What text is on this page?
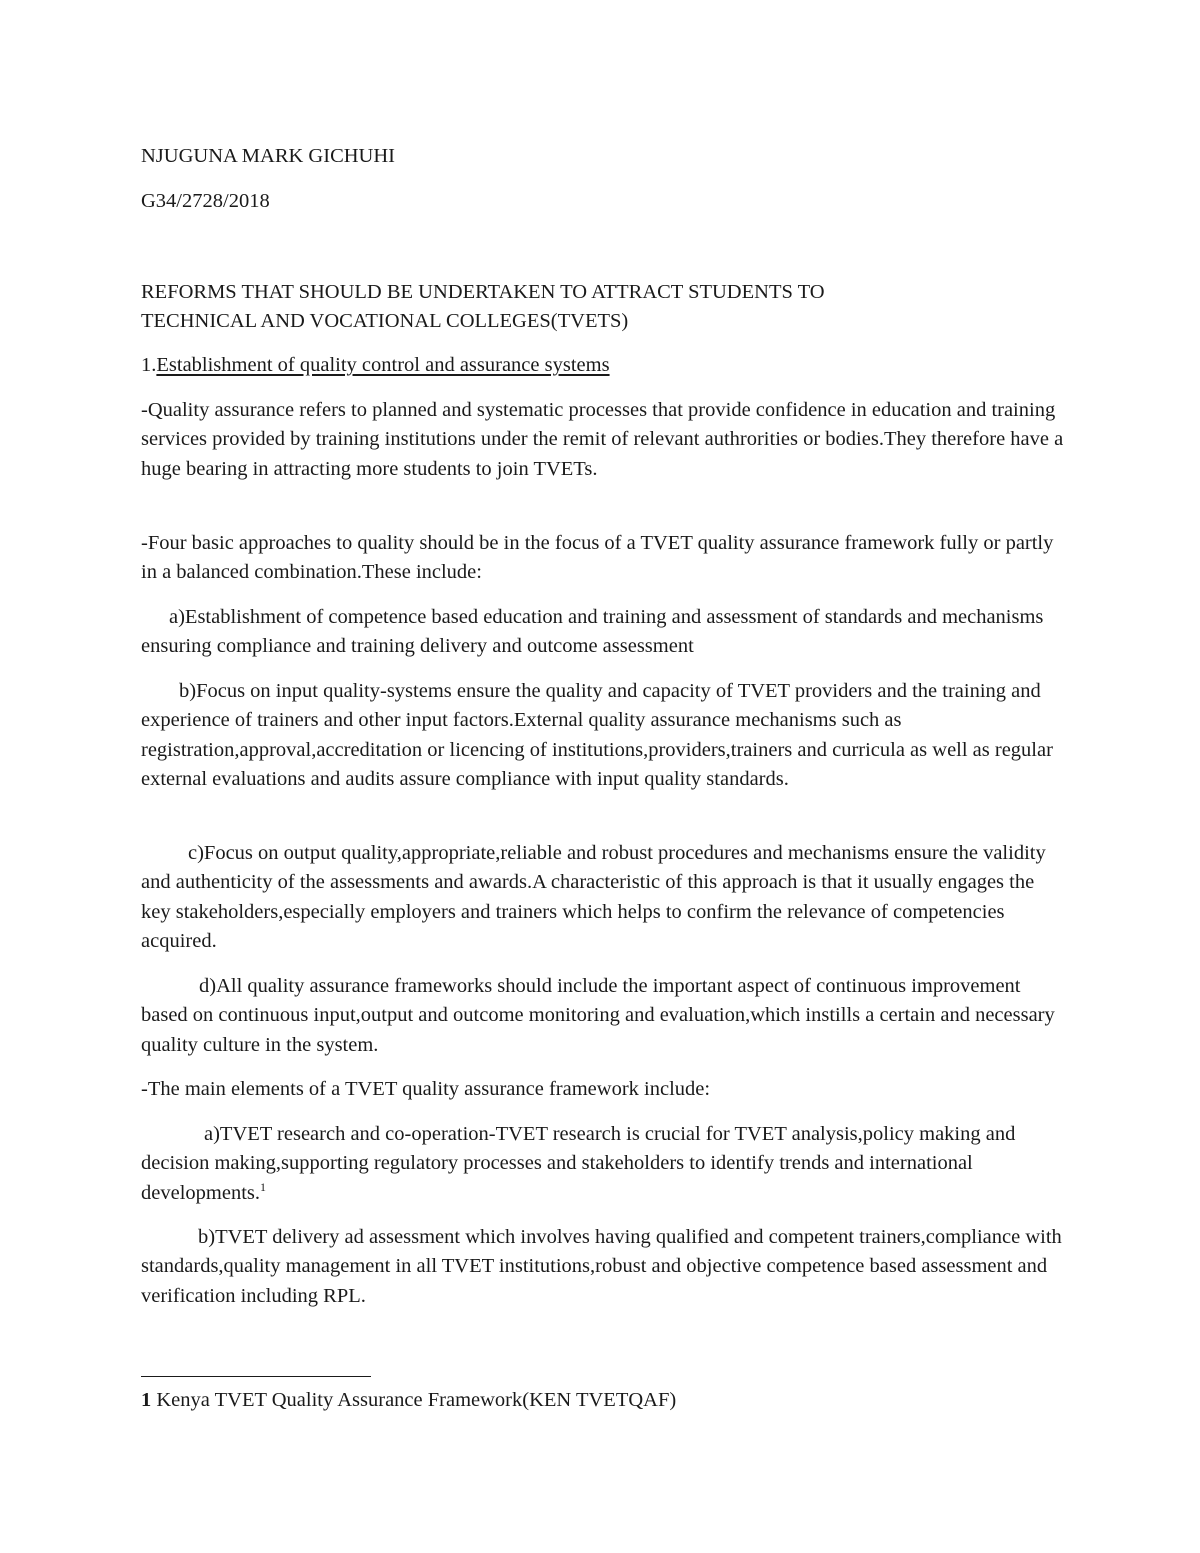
NJUGUNA MARK GICHUHI

G34/2728/2018

REFORMS THAT SHOULD BE UNDERTAKEN TO ATTRACT STUDENTS TO

TECHNICAL AND VOCATIONAL COLLEGES(TVETS)

1.Establishment of quality control and assurance systems

-Quality assurance refers to planned and systematic processes that provide confidence in education and training services provided by training institutions under the remit of relevant authrorities or bodies.They therefore have a huge bearing in attracting more students to join TVETs.

-Four basic approaches to quality should be in the focus of a TVET quality assurance framework fully or partly in a balanced combination.These include:

a)Establishment of competence based education and training and assessment of standards and mechanisms ensuring compliance and training delivery and outcome assessment

b)Focus on input quality-systems ensure the quality and capacity of TVET providers and the training and experience of trainers and other input factors.External quality assurance mechanisms such as registration,approval,accreditation or licencing of institutions,providers,trainers and curricula as well as regular external evaluations and audits assure compliance with input quality standards.

c)Focus on output quality,appropriate,reliable and robust procedures and mechanisms ensure the validity and authenticity of the assessments and awards.A characteristic of this approach is that it usually engages the key stakeholders,especially employers and trainers which helps to confirm the relevance of competencies acquired.

d)All quality assurance frameworks should include the important aspect of continuous improvement based on continuous input,output and outcome monitoring and evaluation,which instills a certain and necessary quality culture in the system.

-The main elements of a TVET quality assurance framework include:

a)TVET research and co-operation-TVET research is crucial for TVET analysis,policy making and decision making,supporting regulatory processes and stakeholders to identify trends and international developments.$^1$

b)TVET delivery ad assessment which involves having qualified and competent trainers,compliance with standards,quality management in all TVET institutions,robust and objective competence based assessment and verification including RPL.

1 Kenya TVET Quality Assurance Framework(KEN TVETQAF)
